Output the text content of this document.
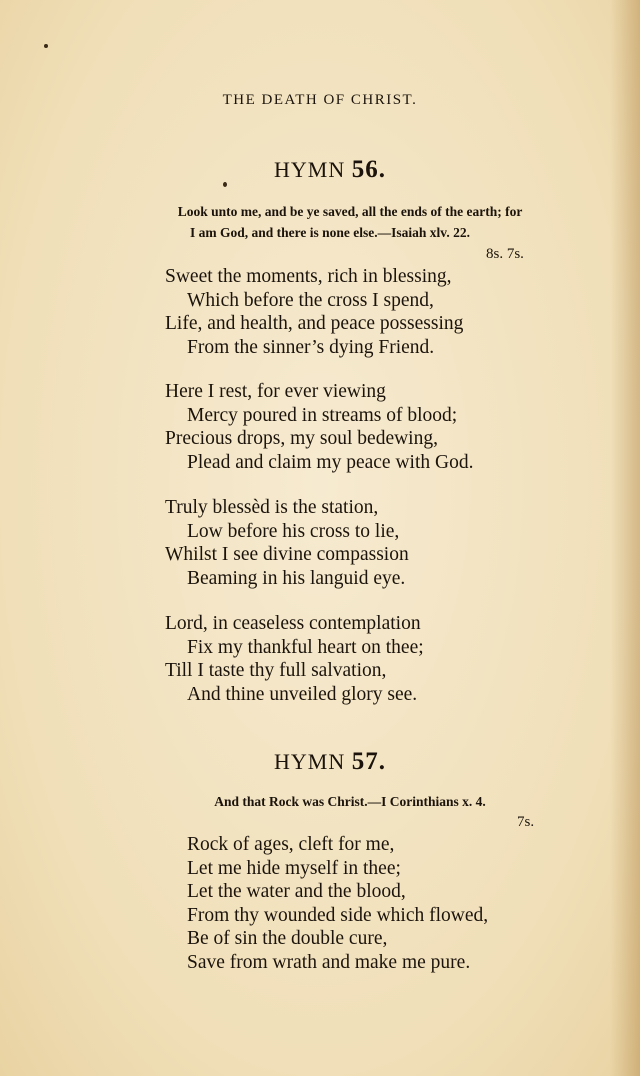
THE DEATH OF CHRIST.
HYMN 56.
Look unto me, and be ye saved, all the ends of the earth; for
I am God, and there is none else.—Isaiah xlv. 22.
8s. 7s.
Sweet the moments, rich in blessing,
Which before the cross I spend,
Life, and health, and peace possessing
From the sinner’s dying Friend.
Here I rest, for ever viewing
Mercy poured in streams of blood;
Precious drops, my soul bedewing,
Plead and claim my peace with God.
Truly blessèd is the station,
Low before his cross to lie,
Whilst I see divine compassion
Beaming in his languid eye.
Lord, in ceaseless contemplation
Fix my thankful heart on thee;
Till I taste thy full salvation,
And thine unveiled glory see.
HYMN 57.
And that Rock was Christ.—I Corinthians x. 4.
7s.
Rock of ages, cleft for me,
Let me hide myself in thee;
Let the water and the blood,
From thy wounded side which flowed,
Be of sin the double cure,
Save from wrath and make me pure.
